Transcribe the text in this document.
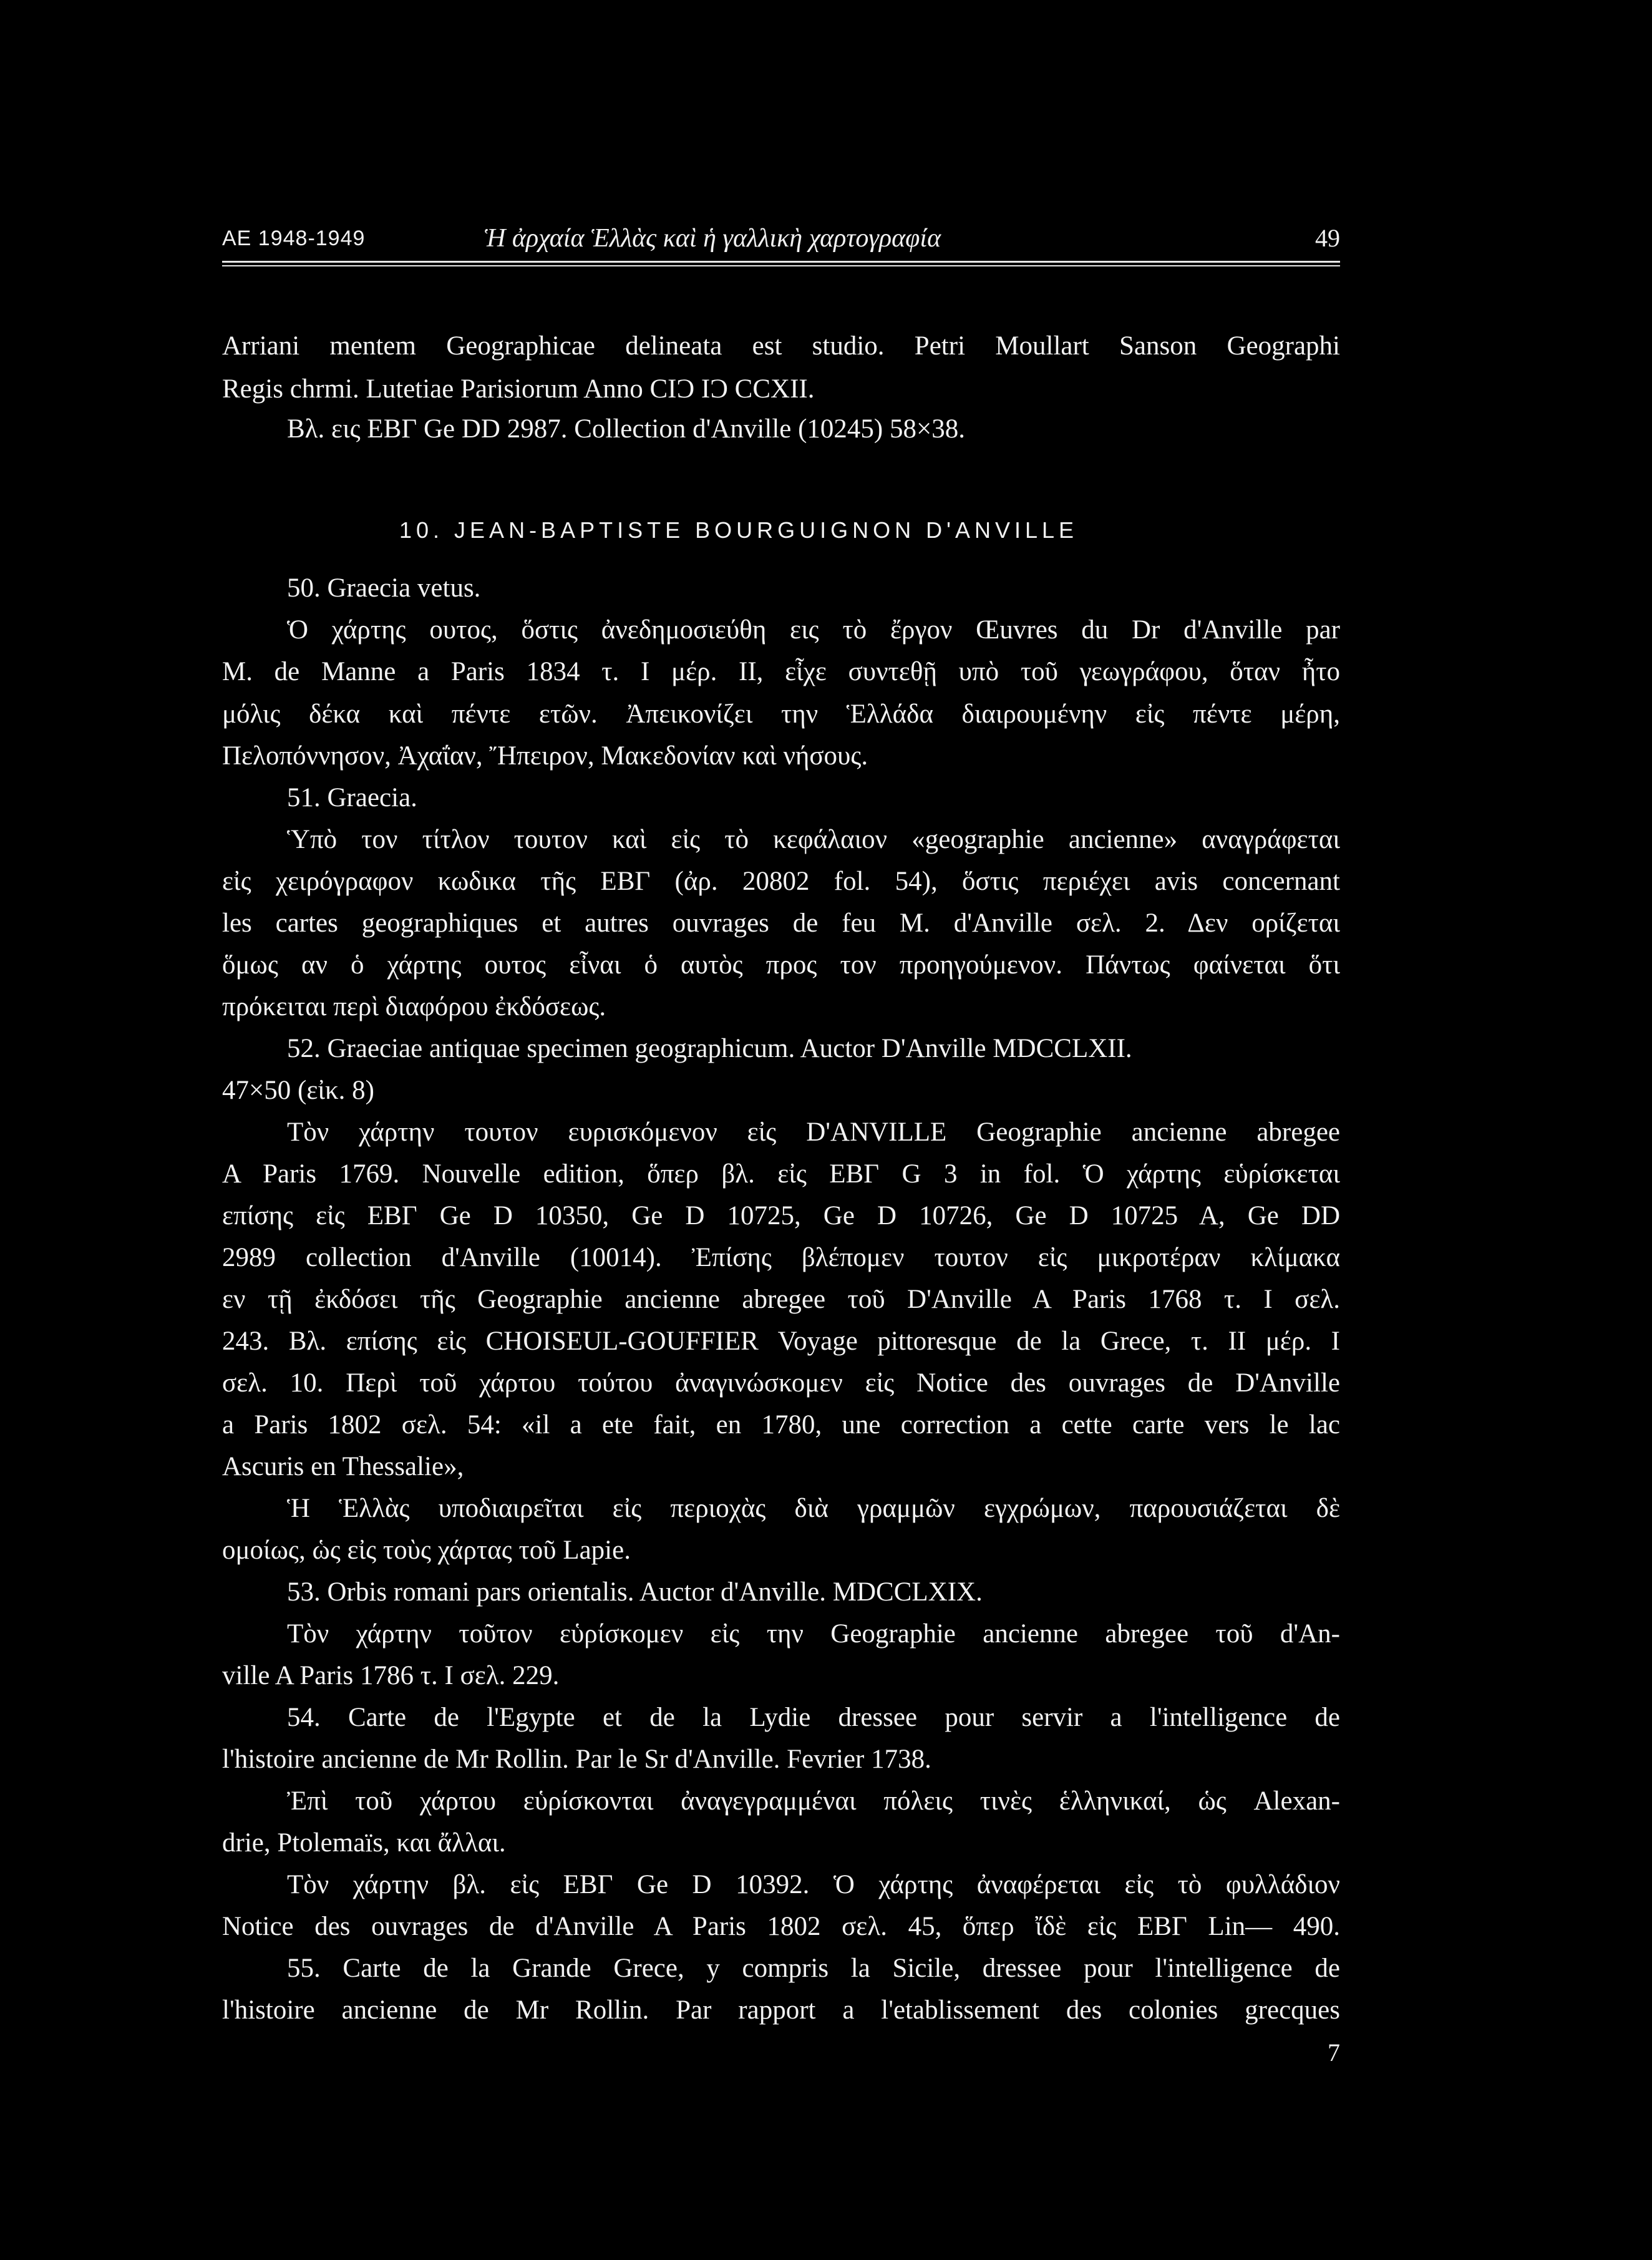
ΑΕ 1948-1949	Ἡ ἀρχαία Ἑλλὰς καὶ ἡ γαλλικὴ χαρτογραφία	49
Arriani mentem Geographicae delineata est studio. Petri Moullart Sanson Geographi
Regis chrmi. Lutetiae Parisiorum Anno CIƆ IƆ CCXII.
Βλ. εις ΕΒΓ Ge DD 2987. Collection d'Anville (10245) 58×38.
10. JEAN-BAPTISTE BOURGUIGNON D'ANVILLE
50. Graecia vetus.
Ὁ χάρτης ουτος, ὅστις ἀνεδημοσιεύθη εις τὸ ἔργον Œuvres du Dr d'Anville par
M. de Manne a Paris 1834 τ. I μέρ. II, εἶχε συντεθῇ υπὸ τοῦ γεωγράφου, ὅταν ἦτο
μόλις δέκα καὶ πέντε ετῶν. Ἀπεικονίζει την Ἑλλάδα διαιρουμένην εἰς πέντε μέρη,
Πελοπόννησον, Ἀχαΐαν, Ἤπειρον, Μακεδονίαν καὶ νήσους.
51. Graecia.
Ὑπὸ τον τίτλον τουτον καὶ εἰς τὸ κεφάλαιον «geographie ancienne» αναγράφεται
εἰς χειρόγραφον κωδικα τῆς ΕΒΓ (ἀρ. 20802 fol. 54), ὅστις περιέχει avis concernant
les cartes geographiques et autres ouvrages de feu M. d'Anville σελ. 2. Δεν ορίζεται
ὅμως αν ὁ χάρτης ουτος εἶναι ὁ αυτὸς προς τον προηγούμενον. Πάντως φαίνεται ὅτι
πρόκειται περὶ διαφόρου ἐκδόσεως.
52. Graeciae antiquae specimen geographicum. Auctor D'Anville MDCCLXII.
47×50 (εἰκ. 8)
Τὸν χάρτην τουτον ευρισκόμενον εἰς D'ANVILLE Geographie ancienne abregee
A Paris 1769. Nouvelle edition, ὅπερ βλ. εἰς ΕΒΓ G 3 in fol. Ὁ χάρτης εὑρίσκεται
επίσης εἰς ΕΒΓ Ge D 10350, Ge D 10725, Ge D 10726, Ge D 10725 A, Ge DD
2989 collection d'Anville (10014). Ἐπίσης βλέπομεν τουτον εἰς μικροτέραν κλίμακα
εν τῇ ἐκδόσει τῆς Geographie ancienne abregee τοῦ D'Anville A Paris 1768 τ. I σελ.
243. Βλ. επίσης εἰς CHOISEUL-GOUFFIER Voyage pittoresque de la Grece, τ. II μέρ. I
σελ. 10. Περὶ τοῦ χάρτου τούτου ἀναγινώσκομεν εἰς Notice des ouvrages de D'Anville
a Paris 1802 σελ. 54: «il a ete fait, en 1780, une correction a cette carte vers le lac
Ascuris en Thessalie»,
Ἡ Ἑλλὰς υποδιαιρεῖται εἰς περιοχὰς διὰ γραμμῶν εγχρώμων, παρουσιάζεται δὲ
ομοίως, ὡς εἰς τοὺς χάρτας τοῦ Lapie.
53. Orbis romani pars orientalis. Auctor d'Anville. MDCCLXIX.
Τὸν χάρτην τοῦτον εὑρίσκομεν εἰς την Geographie ancienne abregee τοῦ d'An-
ville A Paris 1786 τ. I σελ. 229.
54. Carte de l'Egypte et de la Lydie dressee pour servir a l'intelligence de
l'histoire ancienne de Mr Rollin. Par le Sr d'Anville. Fevrier 1738.
Ἐπὶ τοῦ χάρτου εὑρίσκονται ἀναγεγραμμέναι πόλεις τινὲς ἑλληνικαί, ὡς Alexan-
drie, Ptolemaïs, και ἄλλαι.
Τὸν χάρτην βλ. εἰς ΕΒΓ Ge D 10392. Ὁ χάρτης ἀναφέρεται εἰς τὸ φυλλάδιον
Notice des ouvrages de d'Anville A Paris 1802 σελ. 45, ὅπερ ἴδὲ εἰς ΕΒΓ Lin— 490.
55. Carte de la Grande Grece, y compris la Sicile, dressee pour l'intelligence de
l'histoire ancienne de Mr Rollin. Par rapport a l'etablissement des colonies grecques
7
